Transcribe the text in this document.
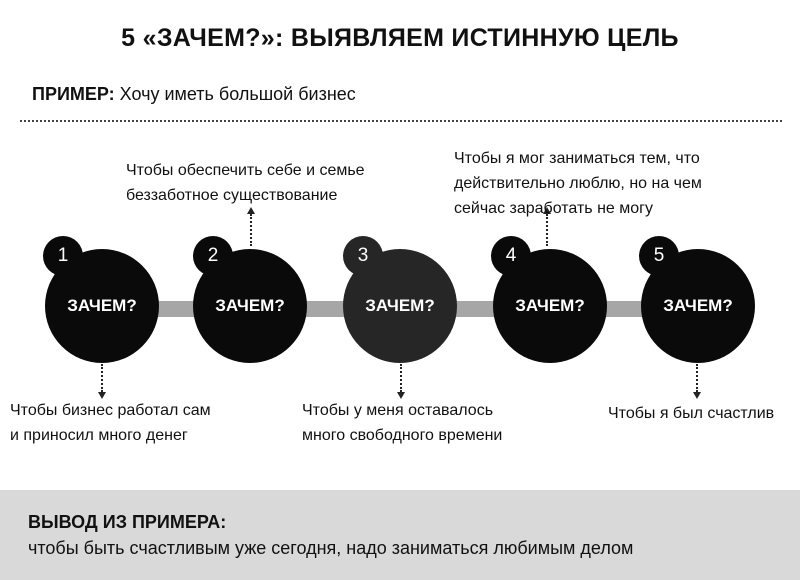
5 «ЗАЧЕМ?»: ВЫЯВЛЯЕМ ИСТИННУЮ ЦЕЛЬ
ПРИМЕР: Хочу иметь большой бизнес
ЗАЧЕМ?
1
ЗАЧЕМ?
2
ЗАЧЕМ?
3
ЗАЧЕМ?
4
ЗАЧЕМ?
5
Чтобы бизнес работал сам
и приносил много денег
Чтобы обеспечить себе и семье
беззаботное существование
Чтобы у меня оставалось
много свободного времени
Чтобы я мог заниматься тем, что
действительно люблю, но на чем
сейчас заработать не могу
Чтобы я был счастлив
ВЫВОД ИЗ ПРИМЕРА:
чтобы быть счастливым уже сегодня, надо заниматься любимым делом
